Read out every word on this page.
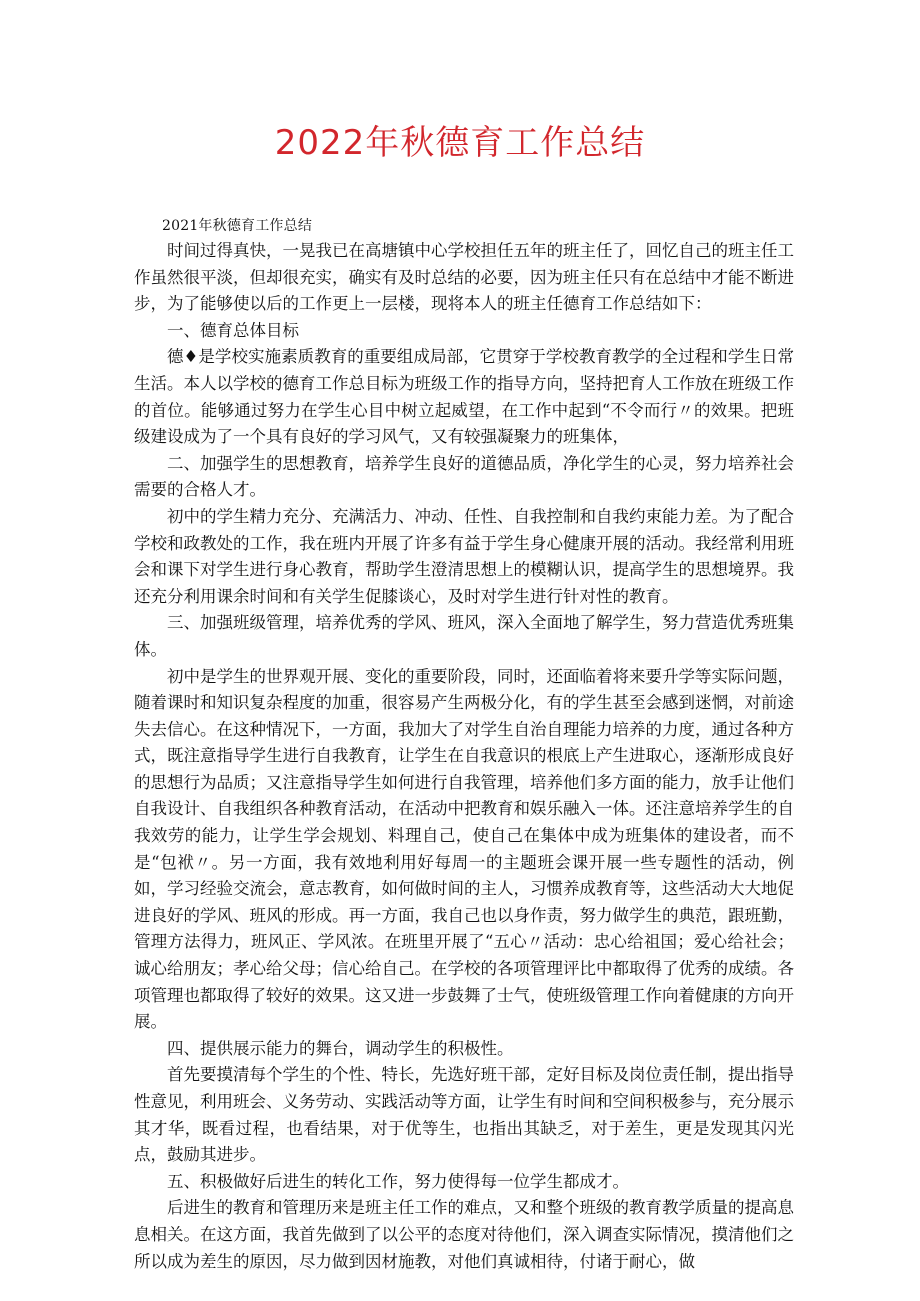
2022年秋德育工作总结

2021年秋德育工作总结

时间过得真快，一晃我已在高塘镇中心学校担任五年的班主任了，回忆自己的班主任工作虽然很平淡，但却很充实，确实有及时总结的必要，因为班主任只有在总结中才能不断进步，为了能够使以后的工作更上一层楼，现将本人的班主任德育工作总结如下：

一、德育总体目标

德♦是学校实施素质教育的重要组成局部，它贯穿于学校教育教学的全过程和学生日常生活。本人以学校的德育工作总目标为班级工作的指导方向，坚持把育人工作放在班级工作的首位。能够通过努力在学生心目中树立起威望，在工作中起到“不令而行〃的效果。把班级建设成为了一个具有良好的学习风气，又有较强凝聚力的班集体，

二、加强学生的思想教育，培养学生良好的道德品质，净化学生的心灵，努力培养社会需要的合格人才。

初中的学生精力充分、充满活力、冲动、任性、自我控制和自我约束能力差。为了配合学校和政教处的工作，我在班内开展了许多有益于学生身心健康开展的活动。我经常利用班会和课下对学生进行身心教育，帮助学生澄清思想上的模糊认识，提高学生的思想境界。我还充分利用课余时间和有关学生促膝谈心，及时对学生进行针对性的教育。

三、加强班级管理，培养优秀的学风、班风，深入全面地了解学生，努力营造优秀班集体。

初中是学生的世界观开展、变化的重要阶段，同时，还面临着将来要升学等实际问题，随着课时和知识复杂程度的加重，很容易产生两极分化，有的学生甚至会感到迷惘，对前途失去信心。在这种情况下，一方面，我加大了对学生自治自理能力培养的力度，通过各种方式，既注意指导学生进行自我教育，让学生在自我意识的根底上产生进取心，逐渐形成良好的思想行为品质；又注意指导学生如何进行自我管理，培养他们多方面的能力，放手让他们自我设计、自我组织各种教育活动，在活动中把教育和娱乐融入一体。还注意培养学生的自我效劳的能力，让学生学会规划、料理自己，使自己在集体中成为班集体的建设者，而不是“包袱〃。另一方面，我有效地利用好每周一的主题班会课开展一些专题性的活动，例如，学习经验交流会，意志教育，如何做时间的主人，习惯养成教育等，这些活动大大地促进良好的学风、班风的形成。再一方面，我自己也以身作责，努力做学生的典范，跟班勤，管理方法得力，班风正、学风浓。在班里开展了“五心〃活动：忠心给祖国；爱心给社会；诚心给朋友；孝心给父母；信心给自己。在学校的各项管理评比中都取得了优秀的成绩。各项管理也都取得了较好的效果。这又进一步鼓舞了士气，使班级管理工作向着健康的方向开展。

四、提供展示能力的舞台，调动学生的积极性。

首先要摸清每个学生的个性、特长，先选好班干部，定好目标及岗位责任制，提出指导性意见，利用班会、义务劳动、实践活动等方面，让学生有时间和空间积极参与，充分展示其才华，既看过程，也看结果，对于优等生，也指出其缺乏，对于差生，更是发现其闪光点，鼓励其进步。

五、积极做好后进生的转化工作，努力使得每一位学生都成才。

后进生的教育和管理历来是班主任工作的难点，又和整个班级的教育教学质量的提高息息相关。在这方面，我首先做到了以公平的态度对待他们，深入调查实际情况，摸清他们之所以成为差生的原因，尽力做到因材施教，对他们真诚相待，付诸于耐心，做
